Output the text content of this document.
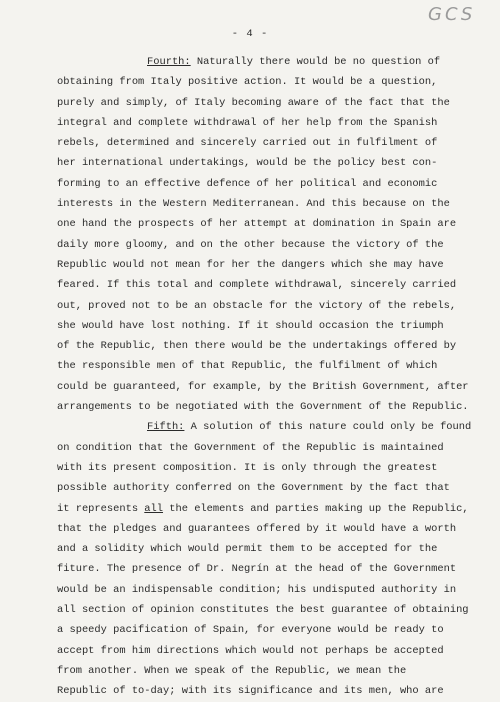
- 4 -
GCS
Fourth: Naturally there would be no question of
obtaining from Italy positive action. It would be a question,
purely and simply, of Italy becoming aware of the fact that the
integral and complete withdrawal of her help from the Spanish
rebels, determined and sincerely carried out in fulfilment of
her international undertakings, would be the policy best con-
forming to an effective defence of her political and economic
interests in the Western Mediterranean. And this because on the
one hand the prospects of her attempt at domination in Spain are
daily more gloomy, and on the other because the victory of the
Republic would not mean for her the dangers which she may have
feared. If this total and complete withdrawal, sincerely carried
out, proved not to be an obstacle for the victory of the rebels,
she would have lost nothing. If it should occasion the triumph
of the Republic, then there would be the undertakings offered by
the responsible men of that Republic, the fulfilment of which
could be guaranteed, for example, by the British Government, after
arrangements to be negotiated with the Government of the Republic.
Fifth: A solution of this nature could only be found
on condition that the Government of the Republic is maintained
with its present composition. It is only through the greatest
possible authority conferred on the Government by the fact that
it represents all the elements and parties making up the Republic,
that the pledges and guarantees offered by it would have a worth
and a solidity which would permit them to be accepted for the
fiture. The presence of Dr. Negrín at the head of the Government
would be an indispensable condition; his undisputed authority in
all section of opinion constitutes the best guarantee of obtaining
a speedy pacification of Spain, for everyone would be ready to
accept from him directions which would not perhaps be accepted
from another. When we speak of the Republic, we mean the
Republic of to-day; with its significance and its men, who are
